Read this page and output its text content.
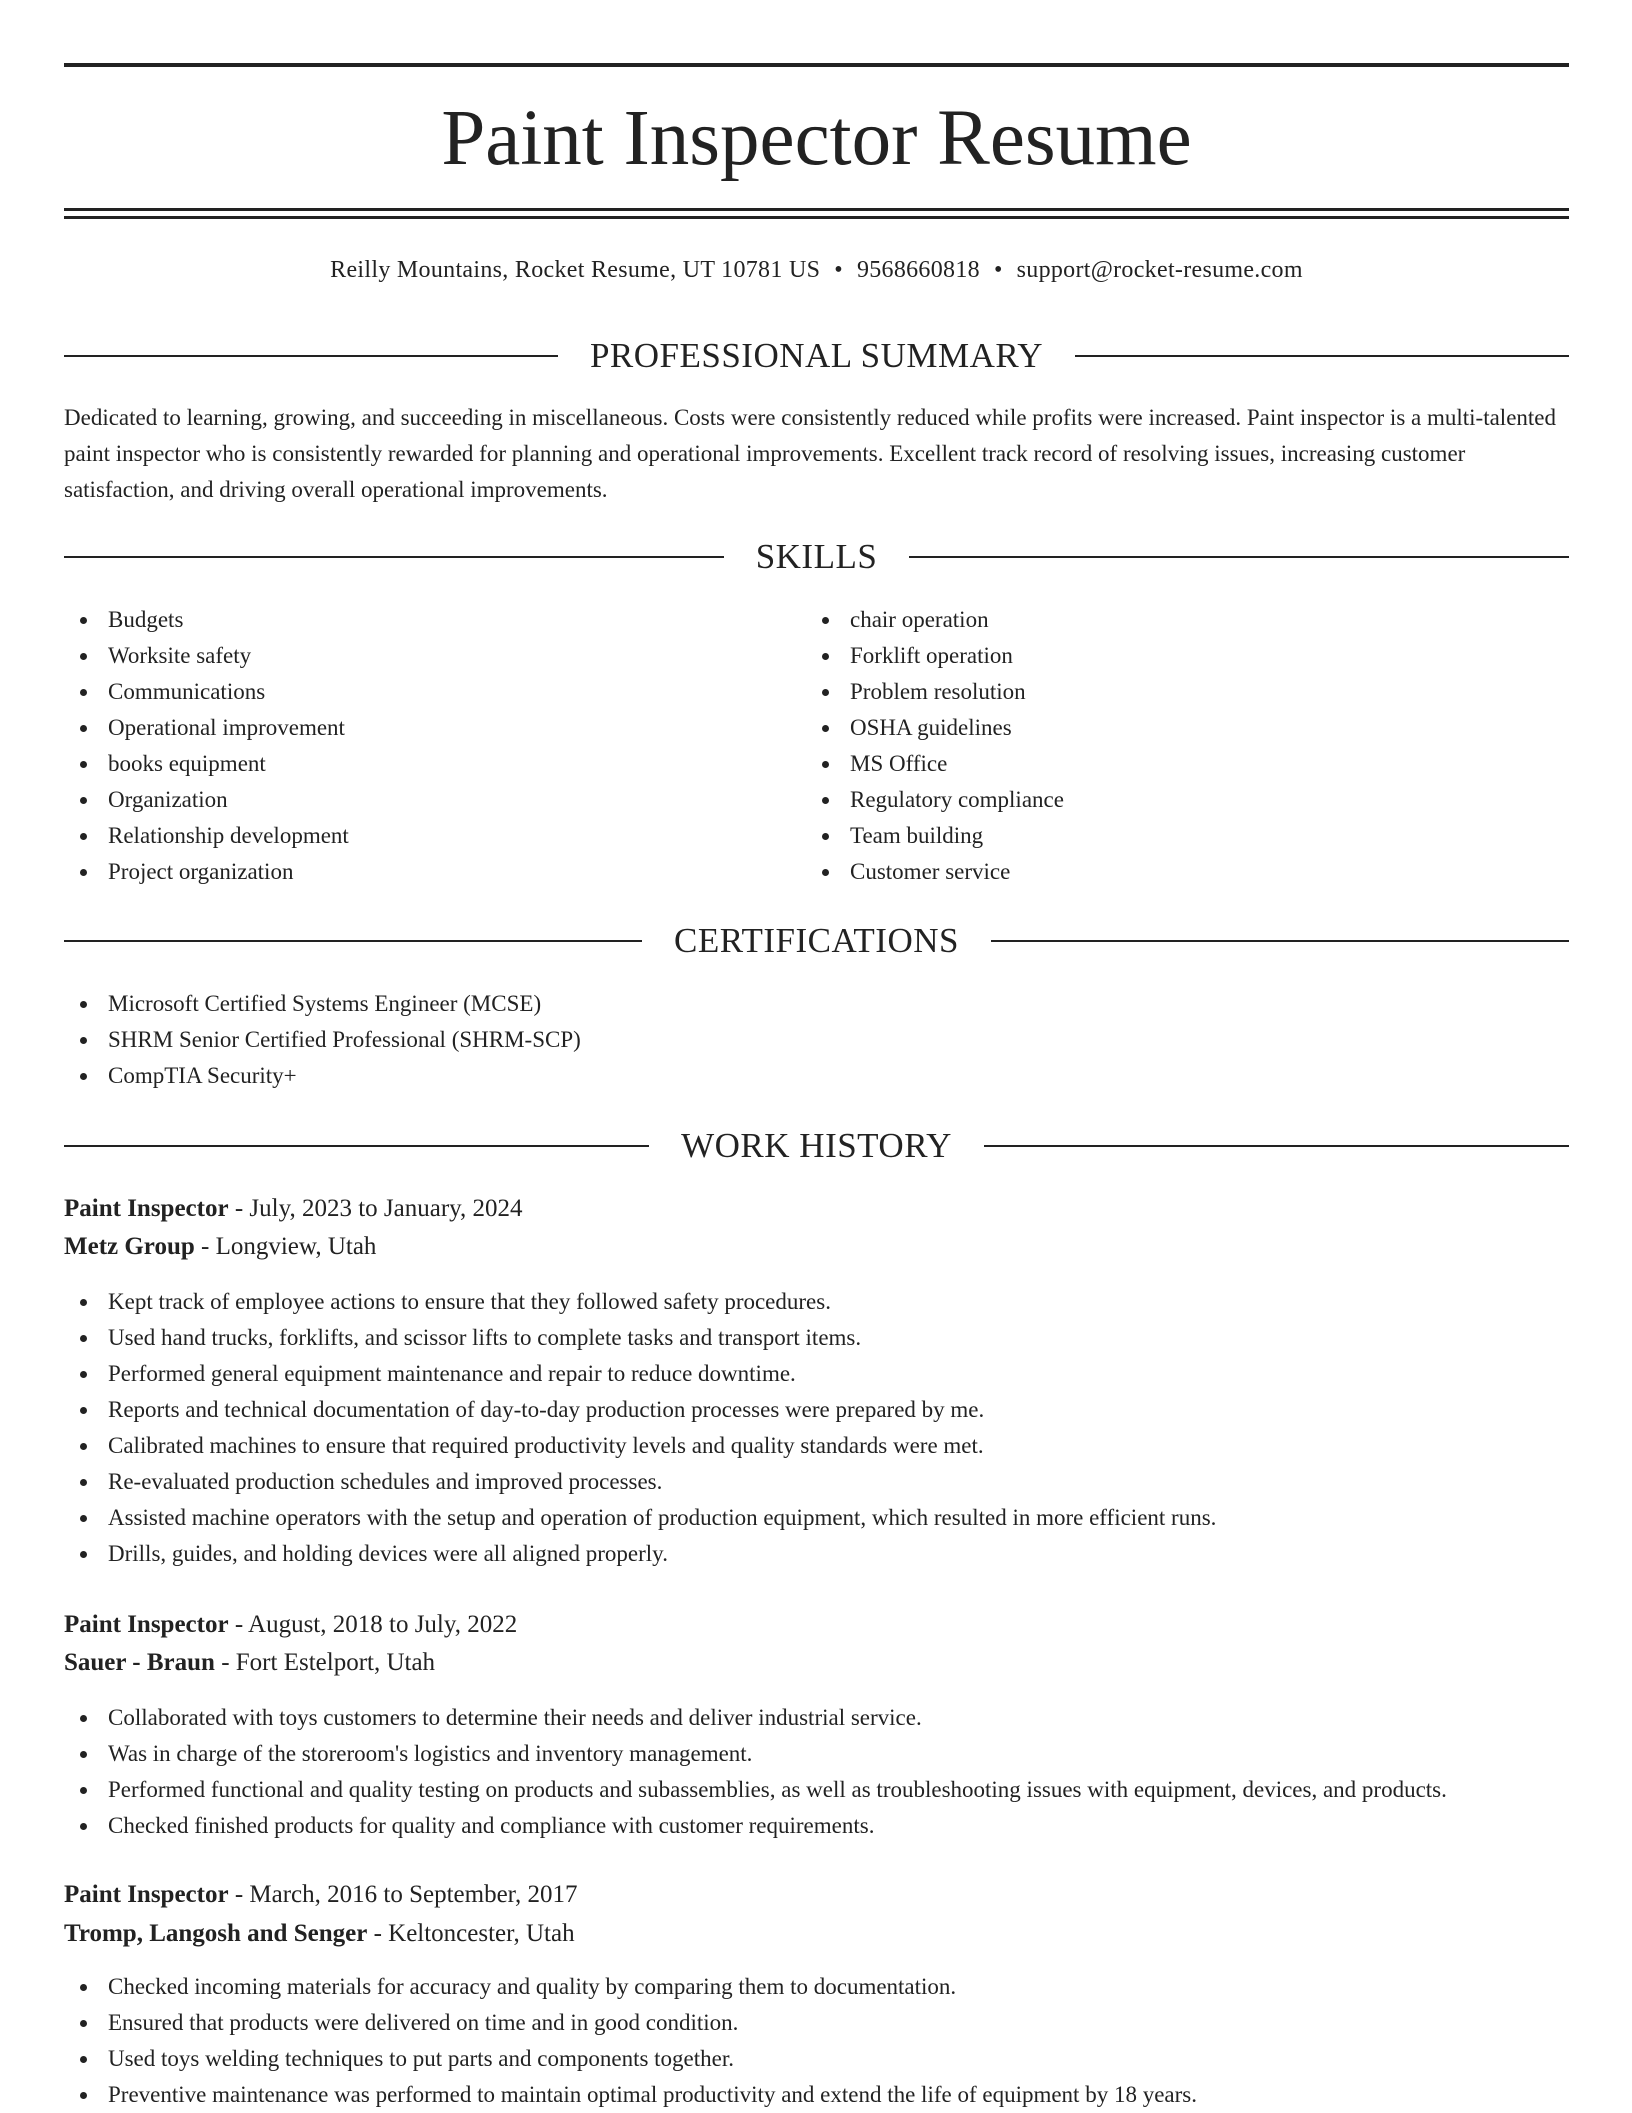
Paint Inspector Resume
Reilly Mountains, Rocket Resume, UT 10781 US • 9568660818 • support@rocket-resume.com
PROFESSIONAL SUMMARY

Dedicated to learning, growing, and succeeding in miscellaneous. Costs were consistently reduced while profits were increased. Paint inspector is a multi-talented paint inspector who is consistently rewarded for planning and operational improvements. Excellent track record of resolving issues, increasing customer satisfaction, and driving overall operational improvements.

SKILLS
Budgets
Worksite safety
Communications
Operational improvement
books equipment
Organization
Relationship development
Project organization
chair operation
Forklift operation
Problem resolution
OSHA guidelines
MS Office
Regulatory compliance
Team building
Customer service
CERTIFICATIONS
Microsoft Certified Systems Engineer (MCSE)
SHRM Senior Certified Professional (SHRM-SCP)
CompTIA Security+
WORK HISTORY
Paint Inspector - July, 2023 to January, 2024
Metz Group - Longview, Utah
Kept track of employee actions to ensure that they followed safety procedures.
Used hand trucks, forklifts, and scissor lifts to complete tasks and transport items.
Performed general equipment maintenance and repair to reduce downtime.
Reports and technical documentation of day-to-day production processes were prepared by me.
Calibrated machines to ensure that required productivity levels and quality standards were met.
Re-evaluated production schedules and improved processes.
Assisted machine operators with the setup and operation of production equipment, which resulted in more efficient runs.
Drills, guides, and holding devices were all aligned properly.
Paint Inspector - August, 2018 to July, 2022
Sauer - Braun - Fort Estelport, Utah
Collaborated with toys customers to determine their needs and deliver industrial service.
Was in charge of the storeroom's logistics and inventory management.
Performed functional and quality testing on products and subassemblies, as well as troubleshooting issues with equipment, devices, and products.
Checked finished products for quality and compliance with customer requirements.
Paint Inspector - March, 2016 to September, 2017
Tromp, Langosh and Senger - Keltoncester, Utah
Checked incoming materials for accuracy and quality by comparing them to documentation.
Ensured that products were delivered on time and in good condition.
Used toys welding techniques to put parts and components together.
Preventive maintenance was performed to maintain optimal productivity and extend the life of equipment by 18 years.
